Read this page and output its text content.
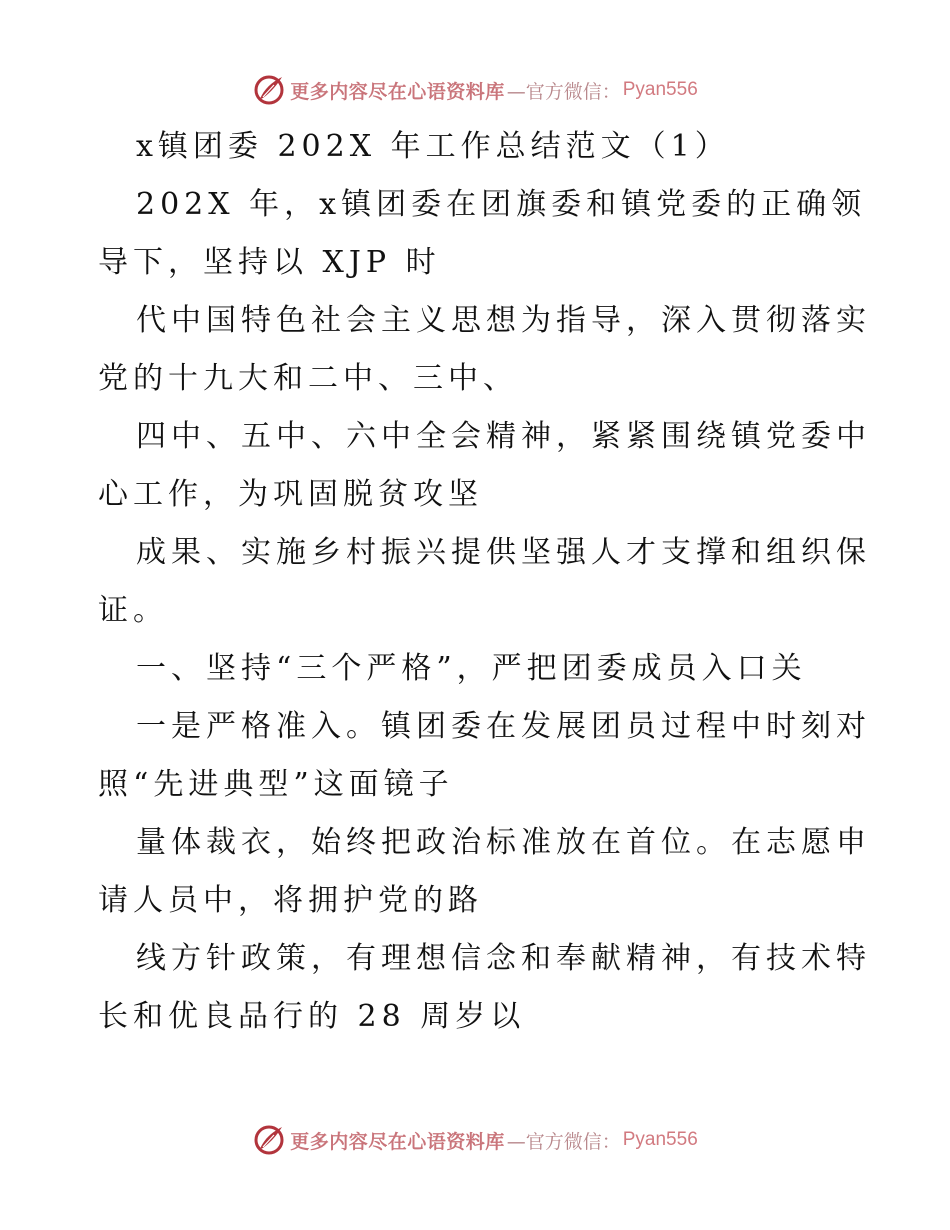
更多内容尽在心语资料库 —官方微信： Pyan556
x镇团委 202X 年工作总结范文（1）
202X 年，x镇团委在团旗委和镇党委的正确领
导下，坚持以 XJP 时
代中国特色社会主义思想为指导，深入贯彻落实
党的十九大和二中、三中、
四中、五中、六中全会精神，紧紧围绕镇党委中
心工作，为巩固脱贫攻坚
成果、实施乡村振兴提供坚强人才支撑和组织保
证。
一、坚持“三个严格”，严把团委成员入口关
一是严格准入。镇团委在发展团员过程中时刻对
照“先进典型”这面镜子
量体裁衣，始终把政治标准放在首位。在志愿申
请人员中，将拥护党的路
线方针政策，有理想信念和奉献精神，有技术特
长和优良品行的 28 周岁以
更多内容尽在心语资料库 —官方微信： Pyan556
